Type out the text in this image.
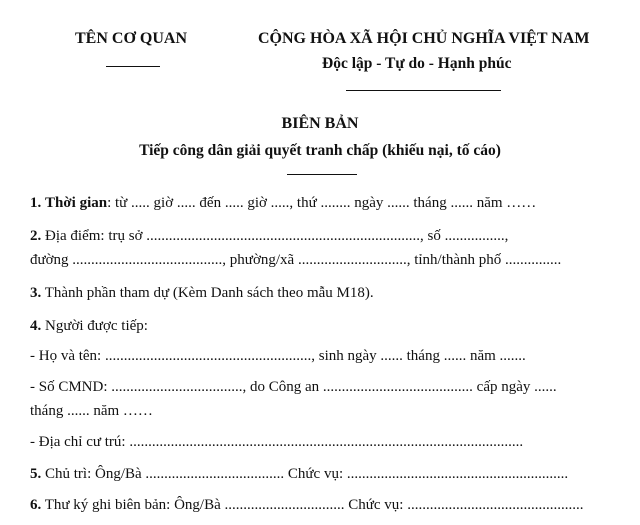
TÊN CƠ QUAN	CỘNG HÒA XÃ HỘI CHỦ NGHĨA VIỆT NAM
Độc lập - Tự do - Hạnh phúc
BIÊN BẢN
Tiếp công dân giải quyết tranh chấp (khiếu nại, tố cáo)
1. Thời gian: từ ..... giờ ..... đến ..... giờ ....., thứ ........ ngày ...... tháng ...... năm ……
2. Địa điểm: trụ sở ........................................................................., số ................,
đường ........................................, phường/xã ............................., tỉnh/thành phố ...............
3. Thành phần tham dự (Kèm Danh sách theo mẫu M18).
4. Người được tiếp:
- Họ và tên: ......................................................., sinh ngày ...... tháng ...... năm .......
- Số CMND: ..................................., do Công an ........................................ cấp ngày ......
tháng ...... năm ……
- Địa chỉ cư trú: .........................................................................................................
5. Chủ trì: Ông/Bà ..................................... Chức vụ: ...........................................................
6. Thư ký ghi biên bản: Ông/Bà ................................ Chức vụ: ...............................................
